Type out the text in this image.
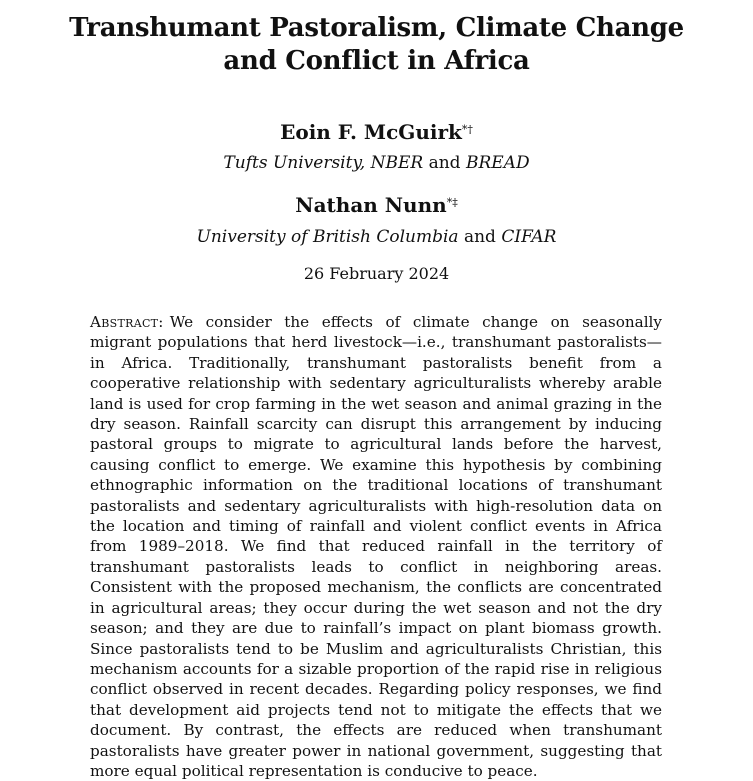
Transhumant Pastoralism, Climate Change
and Conflict in Africa
Eoin F. McGuirk*†
Tufts University, NBER and BREAD
Nathan Nunn*‡
University of British Columbia and CIFAR
26 February 2024
Abstract: We consider the effects of climate change on seasonally migrant populations that herd livestock—i.e., transhumant pastoralists—in Africa. Traditionally, transhumant pastoralists benefit from a cooperative relationship with sedentary agriculturalists whereby arable land is used for crop farming in the wet season and animal grazing in the dry season. Rainfall scarcity can disrupt this arrangement by inducing pastoral groups to migrate to agricultural lands before the harvest, causing conflict to emerge. We examine this hypothesis by combining ethnographic information on the traditional locations of transhumant pastoralists and sedentary agriculturalists with high-resolution data on the location and timing of rainfall and violent conflict events in Africa from 1989–2018. We find that reduced rainfall in the territory of transhumant pastoralists leads to conflict in neighboring areas. Consistent with the proposed mechanism, the conflicts are concentrated in agricultural areas; they occur during the wet season and not the dry season; and they are due to rainfall’s impact on plant biomass growth. Since pastoralists tend to be Muslim and agriculturalists Christian, this mechanism accounts for a sizable proportion of the rapid rise in religious conflict observed in recent decades. Regarding policy responses, we find that development aid projects tend not to mitigate the effects that we document. By contrast, the effects are reduced when transhumant pastoralists have greater power in national government, suggesting that more equal political representation is conducive to peace.
